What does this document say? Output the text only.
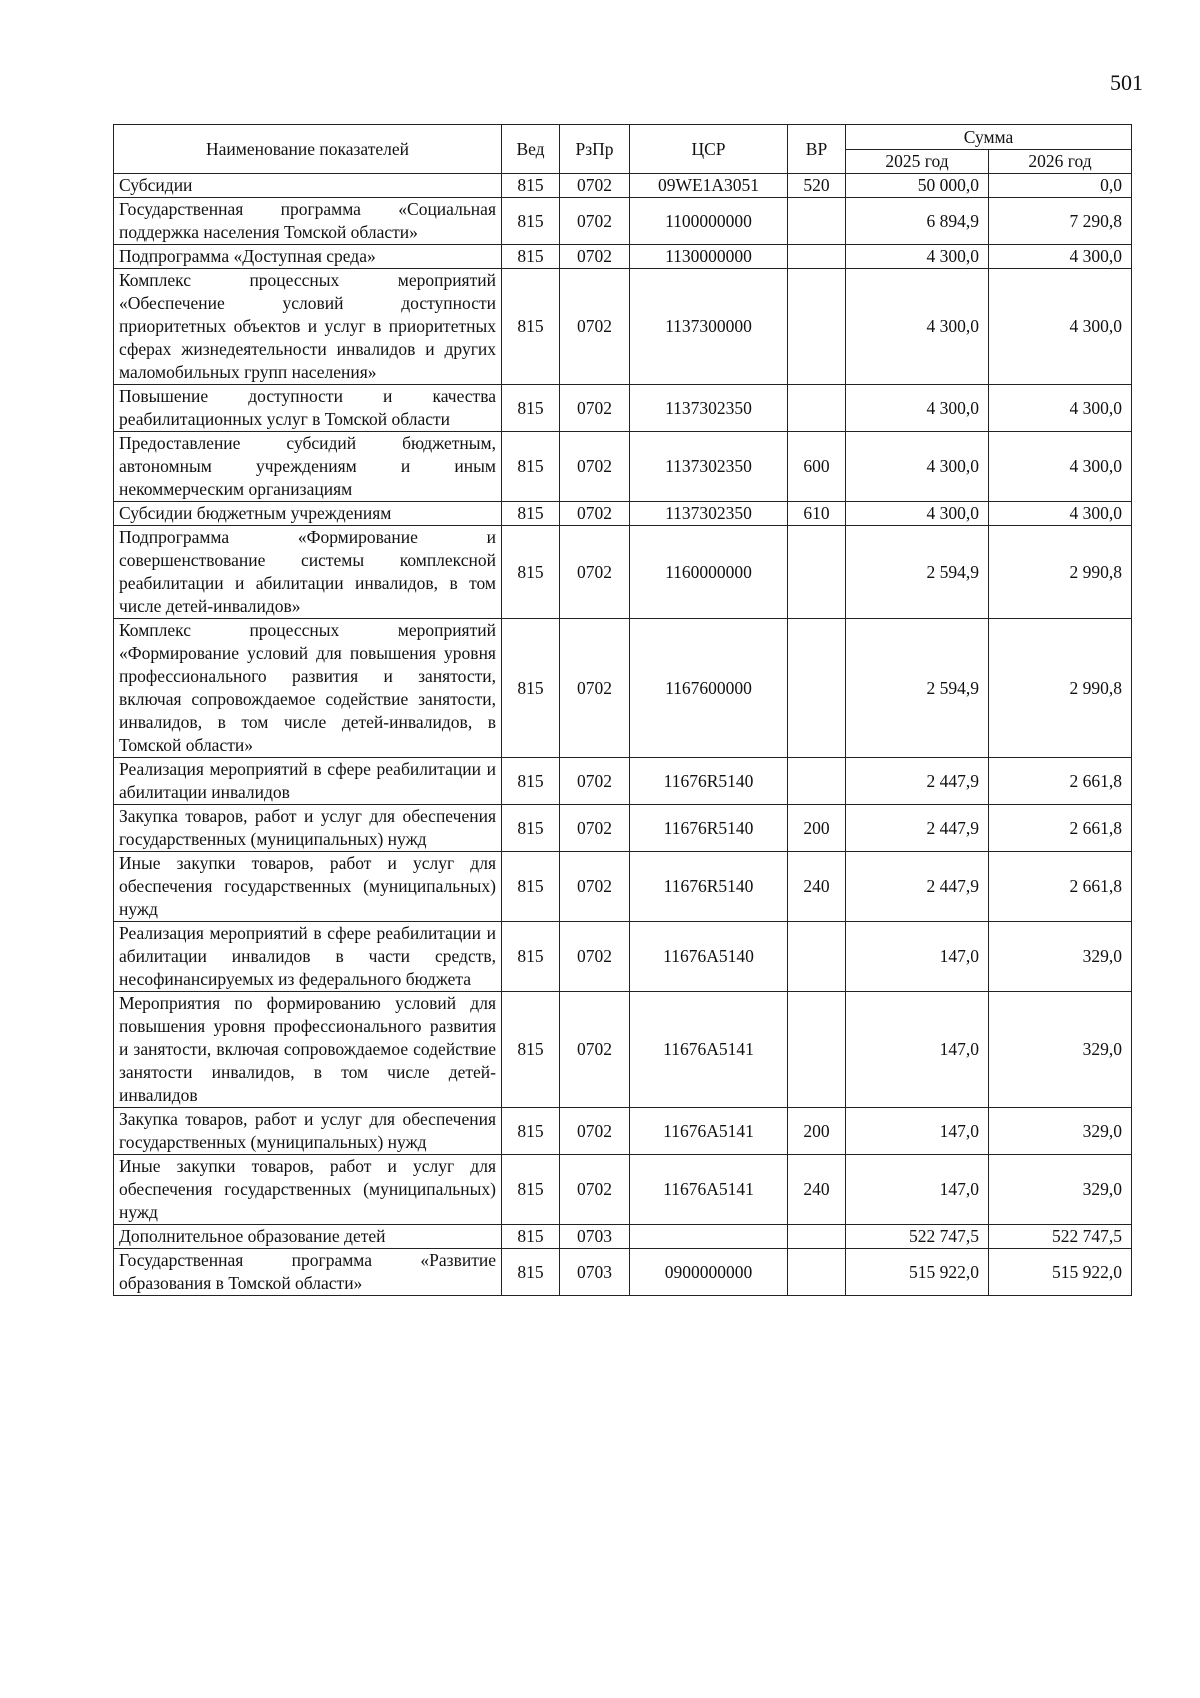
501
Наименование показателей	Вед	РзПр	ЦСР	ВР	Сумма	
					2025 год	2026 год
Субсидии	815	0702	09WE1A3051	520	50 000,0	0,0
Государственная программа «Социальная поддержка населения Томской области»	815	0702	1100000000		6 894,9	7 290,8
Подпрограмма «Доступная среда»	815	0702	1130000000		4 300,0	4 300,0
Комплекс процессных мероприятий «Обеспечение условий доступности приоритетных объектов и услуг в приоритетных сферах жизнедеятельности инвалидов и других маломобильных групп населения»	815	0702	1137300000		4 300,0	4 300,0
Повышение доступности и качества реабилитационных услуг в Томской области	815	0702	1137302350		4 300,0	4 300,0
Предоставление субсидий бюджетным, автономным учреждениям и иным некоммерческим организациям	815	0702	1137302350	600	4 300,0	4 300,0
Субсидии бюджетным учреждениям	815	0702	1137302350	610	4 300,0	4 300,0
Подпрограмма «Формирование и совершенствование системы комплексной реабилитации и абилитации инвалидов, в том числе детей-инвалидов»	815	0702	1160000000		2 594,9	2 990,8
Комплекс процессных мероприятий «Формирование условий для повышения уровня профессионального развития и занятости, включая сопровождаемое содействие занятости, инвалидов, в том числе детей-инвалидов, в Томской области»	815	0702	1167600000		2 594,9	2 990,8
Реализация мероприятий в сфере реабилитации и абилитации инвалидов	815	0702	11676R5140		2 447,9	2 661,8
Закупка товаров, работ и услуг для обеспечения государственных (муниципальных) нужд	815	0702	11676R5140	200	2 447,9	2 661,8
Иные закупки товаров, работ и услуг для обеспечения государственных (муниципальных) нужд	815	0702	11676R5140	240	2 447,9	2 661,8
Реализация мероприятий в сфере реабилитации и абилитации инвалидов в части средств, несофинансируемых из федерального бюджета	815	0702	11676A5140		147,0	329,0
Мероприятия по формированию условий для повышения уровня профессионального развития и занятости, включая сопровождаемое содействие занятости инвалидов, в том числе детей-инвалидов	815	0702	11676A5141		147,0	329,0
Закупка товаров, работ и услуг для обеспечения государственных (муниципальных) нужд	815	0702	11676A5141	200	147,0	329,0
Иные закупки товаров, работ и услуг для обеспечения государственных (муниципальных) нужд	815	0702	11676A5141	240	147,0	329,0
Дополнительное образование детей	815	0703			522 747,5	522 747,5
Государственная программа «Развитие образования в Томской области»	815	0703	0900000000		515 922,0	515 922,0
